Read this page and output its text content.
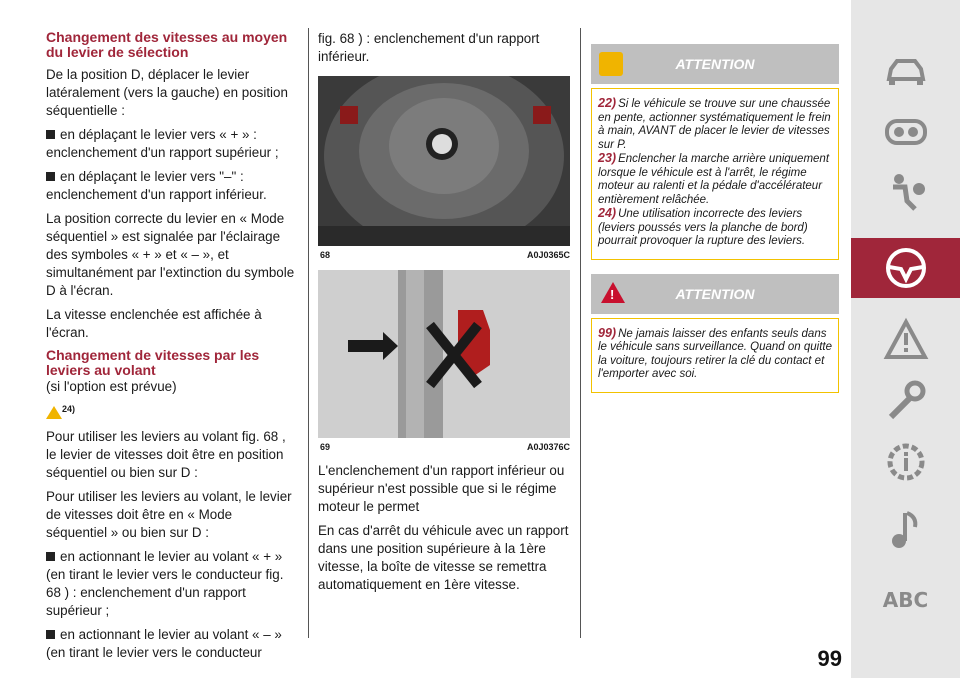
Changement des vitesses au moyen du levier de sélection

De la position D, déplacer le levier latéralement (vers la gauche) en position séquentielle :

en déplaçant le levier vers « + » : enclenchement d'un rapport supérieur ;

en déplaçant le levier vers "–" : enclenchement d'un rapport inférieur.

La position correcte du levier en « Mode séquentiel » est signalée par l'éclairage des symboles « + » et « – », et simultanément par l'extinction du symbole D à l'écran.

La vitesse enclenchée est affichée à l'écran.

Changement de vitesses par les leviers au volant

(si l'option est prévue)

$^{24)}$

Pour utiliser les leviers au volant fig. 68 , le levier de vitesses doit être en position séquentiel ou bien sur D :

Pour utiliser les leviers au volant, le levier de vitesses doit être en « Mode séquentiel » ou bien sur D :

en actionnant le levier au volant « + » (en tirant le levier vers le conducteur fig. 68 ) : enclenchement d'un rapport supérieur ;

en actionnant le levier au volant « – » (en tirant le levier vers le conducteur

fig. 68 ) : enclenchement d'un rapport inférieur.

68	A0J0365C
69	A0J0376C

L'enclenchement d'un rapport inférieur ou supérieur n'est possible que si le régime moteur le permet

En cas d'arrêt du véhicule avec un rapport dans une position supérieure à la 1ère vitesse, la boîte de vitesse se remettra automatiquement en 1ère vitesse.

ATTENTION
22) Si le véhicule se trouve sur une chaussée en pente, actionner systématiquement le frein à main, AVANT de placer le levier de vitesses sur P.
23) Enclencher la marche arrière uniquement lorsque le véhicule est à l'arrêt, le régime moteur au ralenti et la pédale d'accélérateur entièrement relâchée.
24) Une utilisation incorrecte des leviers (leviers poussés vers la planche de bord) pourrait provoquer la rupture des leviers.
!
ATTENTION
99) Ne jamais laisser des enfants seuls dans le véhicule sans surveillance. Quand on quitte la voiture, toujours retirer la clé du contact et l'emporter avec soi.
ABC
99
